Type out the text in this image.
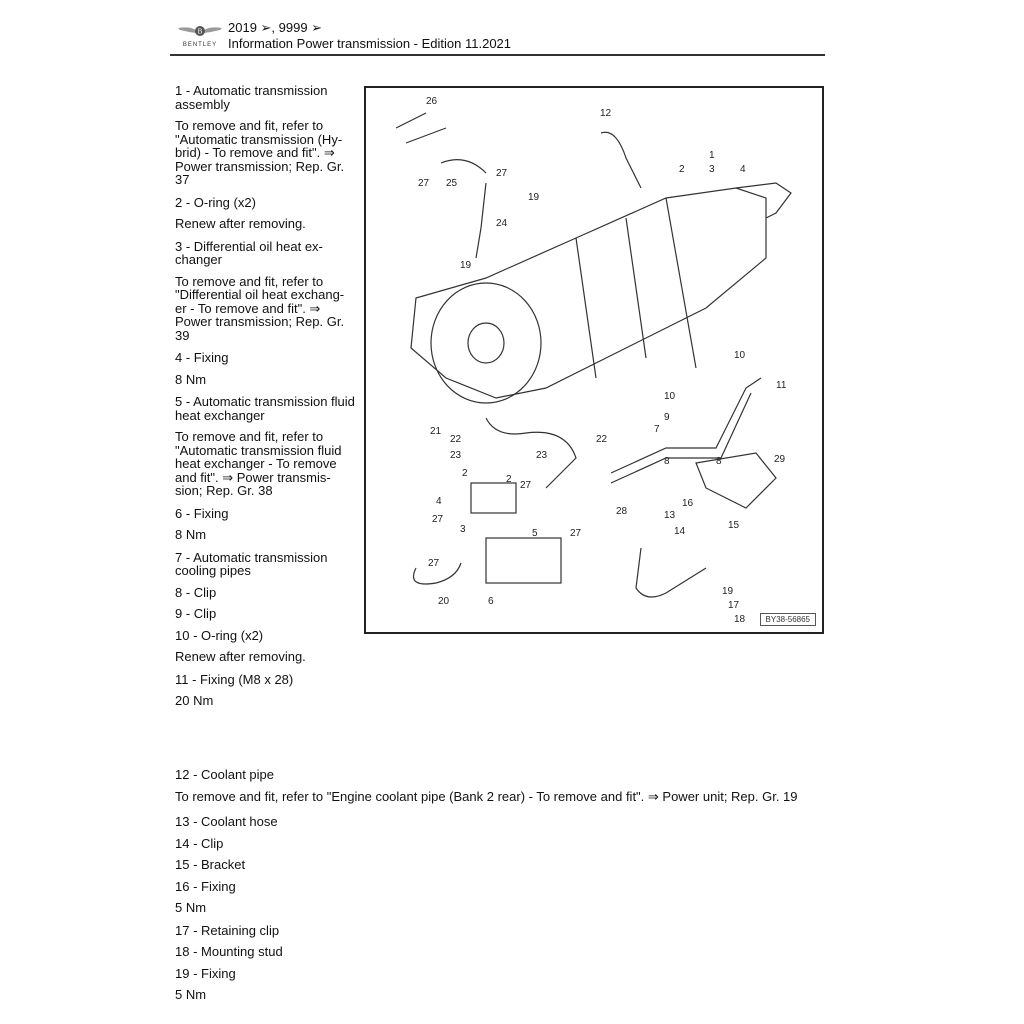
B
BENTLEY
2019 ➢, 9999 ➢
Information Power transmission - Edition 11.2021
1 - Automatic transmission assembly
To remove and fit, refer to "Automatic transmission (Hy-brid) - To remove and fit". ⇒ Power transmission; Rep. Gr. 37
2 - O-ring (x2)
Renew after removing.
3 - Differential oil heat ex-changer
To remove and fit, refer to "Differential oil heat exchang-er - To remove and fit". ⇒ Power transmission; Rep. Gr. 39
4 - Fixing
8 Nm
5 - Automatic transmission fluid heat exchanger
To remove and fit, refer to "Automatic transmission fluid heat exchanger - To remove and fit". ⇒ Power transmis-sion; Rep. Gr. 38
6 - Fixing
8 Nm
7 - Automatic transmission cooling pipes
8 - Clip
9 - Clip
10 - O-ring (x2)
Renew after removing.
11 - Fixing (M8 x 28)
20 Nm
12 - Coolant pipe
To remove and fit, refer to "Engine coolant pipe (Bank 2 rear) - To remove and fit". ⇒ Power unit; Rep. Gr. 19
13 - Coolant hose
14 - Clip
15 - Bracket
16 - Fixing
5 Nm
17 - Retaining clip
18 - Mounting stud
19 - Fixing
5 Nm
26
12
1
2 3	4
27 25
27
19
24
19
10
11
10
21
22
23
9
7
8	8	29
2
2
22
23
4
27
3
27
28	13
14
15
16
5	27
20	6
19
17
18
27
BY38-56865
